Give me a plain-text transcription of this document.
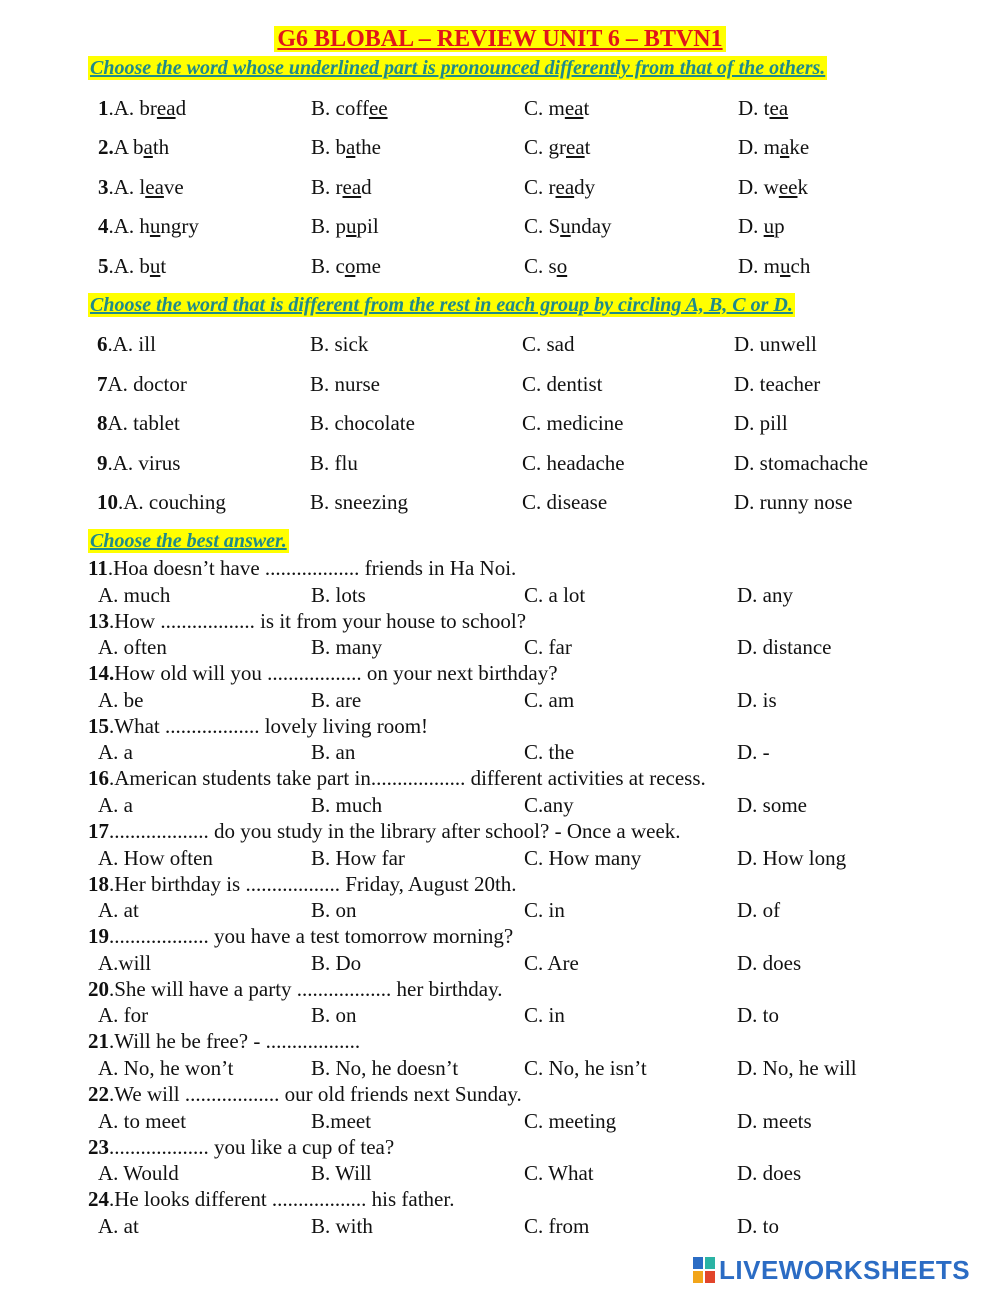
G6 BLOBAL – REVIEW UNIT 6 – BTVN1
Choose the word whose underlined part is pronounced differently from that of the others.
1.A. bread	B. coffee	C. meat	D. tea
2.A bath	B. bathe	C. great	D. make
3.A. leave	B. read	C. ready	D. week
4.A. hungry	B. pupil	C. Sunday	D. up
5.A. but	B. come	C. so	D. much
Choose the word that is different from the rest in each group by circling A, B, C or D.
6.A. ill	B. sick	C. sad	D. unwell
7A. doctor	B. nurse	C. dentist	D. teacher
8A. tablet	B. chocolate	C. medicine	D. pill
9.A. virus	B. flu	C. headache	D. stomachache
10.A. couching	B. sneezing	C. disease	D. runny nose
Choose the best answer.
11.Hoa doesn’t have .................. friends in Ha Noi.
A. much	B. lots	C. a lot	D. any
13.How .................. is it from your house to school?
A. often	B. many	C. far	D. distance
14.How old will you .................. on your next birthday?
A. be	B. are	C. am	D. is
15.What .................. lovely living room!
A. a	B. an	C. the	D. -
16.American students take part in.................. different activities at recess.
A. a	B. much	C.any	D. some
17................... do you study in the library after school? - Once a week.
A. How often	B. How far	C. How many	D. How long
18.Her birthday is .................. Friday, August 20th.
A. at	B. on	C. in	D. of
19................... you have a test tomorrow morning?
A.will	B. Do	C. Are	D. does
20.She will have a party .................. her birthday.
A. for	B. on	C. in	D. to
21.Will he be free? - ..................
A. No, he won’t	B. No, he doesn’t	C. No, he isn’t	D. No, he will
22.We will .................. our old friends next Sunday.
A. to meet	B.meet	C. meeting	D. meets
23................... you like a cup of tea?
A. Would	B. Will	C. What	D. does
24.He looks different .................. his father.
A. at	B. with	C. from	D. to
LIVEWORKSHEETS
